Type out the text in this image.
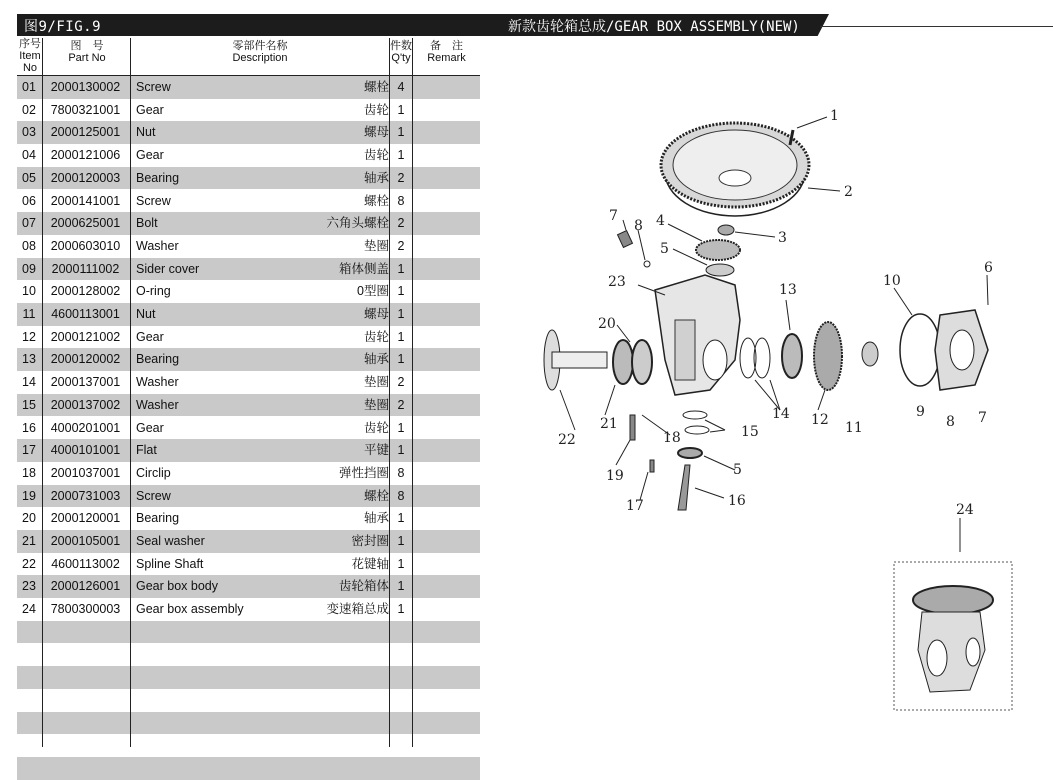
图9/FIG.9	新款齿轮箱总成/GEAR BOX ASSEMBLY(NEW)
序号
Item
No
图　号
Part No
零部件名称
Description
件数
Q'ty
备　注
Remark
01	2000130002	Screw	螺栓 4
02	7800321001	Gear	齿轮 1
03	2000125001	Nut	螺母 1
04	2000121006	Gear	齿轮 1
05	2000120003	Bearing	轴承 2
06	2000141001	Screw	螺栓 8
07	2000625001	Bolt	六角头螺栓 2
08	2000603010	Washer	垫圈 2
09	2000111002	Sider cover	箱体侧盖 1
10	2000128002	O-ring	0型圈 1
11	4600113001	Nut	螺母 1
12	2000121002	Gear	齿轮 1
13	2000120002	Bearing	轴承 1
14	2000137001	Washer	垫圈 2
15	2000137002	Washer	垫圈 2
16	4000201001	Gear	齿轮 1
17	4000101001	Flat	平键 1
18	2001037001	Circlip	弹性挡圈 8
19	2000731003	Screw	螺栓 8
20	2000120001	Bearing	轴承 1
21	2000105001	Seal washer	密封圈 1
22	4600113002	Spline Shaft	花键轴 1
23	2000126001	Gear box body	齿轮箱体 1
24	7800300003	Gear box assembly	变速箱总成 1
1
2
3
4
5
6
7
8
9
10
11
12
13
14
15
16
17
18
19
20
21
22
23
24
5
8 7
